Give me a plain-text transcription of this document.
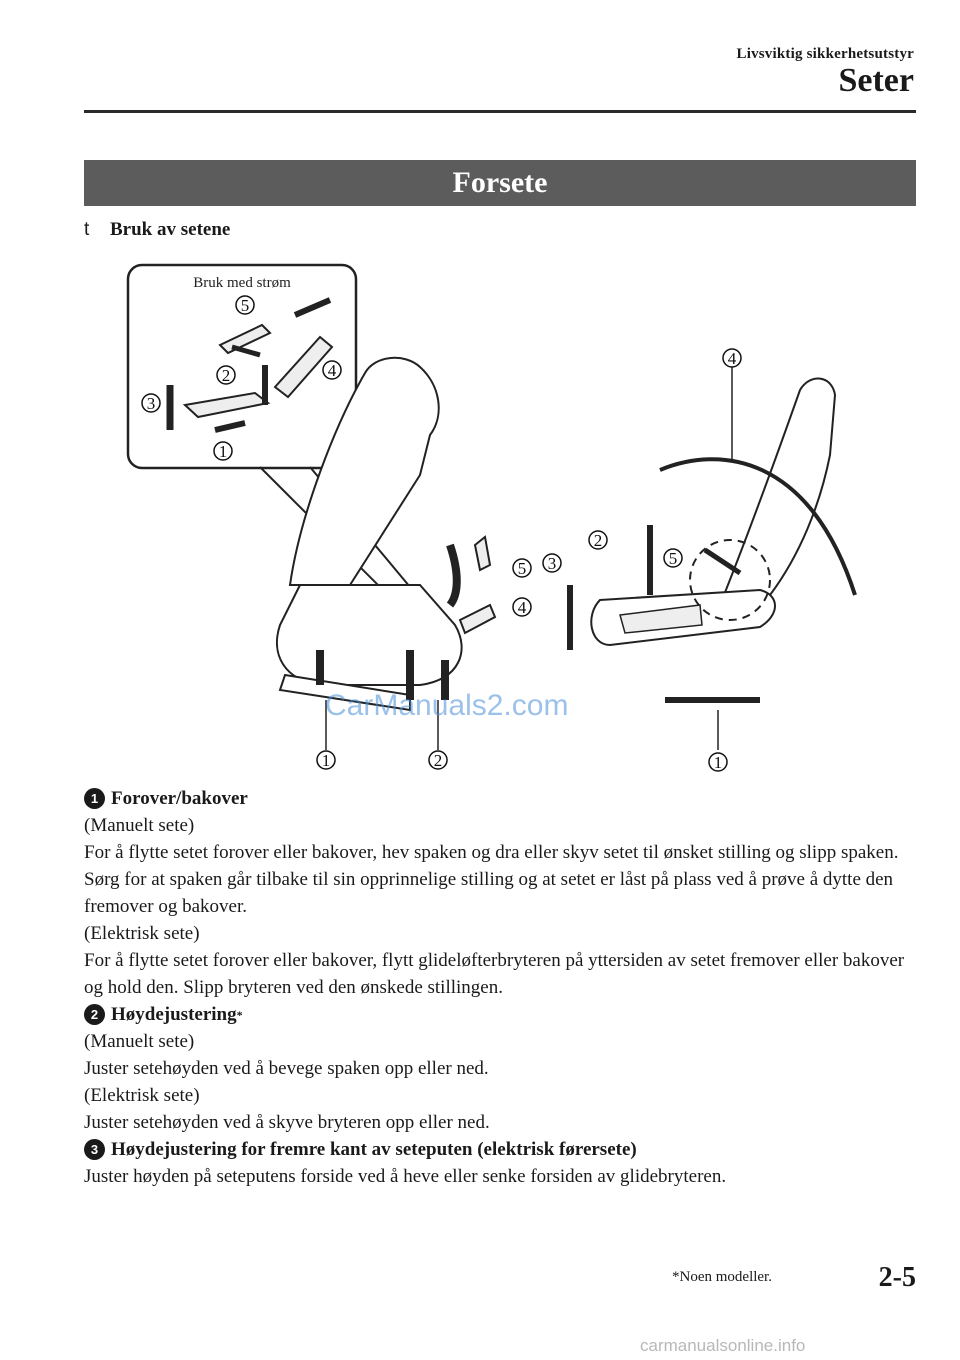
Livsviktig sikkerhetsutstyr
Seter
Forsete
t	Bruk av setene
Bruk med strøm
3
1
2	4
5
5
4
1	2
4
2
3	5
1
CarManuals2.com
1 Forover/bakover

(Manuelt sete)

For å flytte setet forover eller bakover, hev spaken og dra eller skyv setet til ønsket stilling og slipp spaken.

Sørg for at spaken går tilbake til sin opprinnelige stilling og at setet er låst på plass ved å prøve å dytte den fremover og bakover.

(Elektrisk sete)

For å flytte setet forover eller bakover, flytt glideløfterbryteren på yttersiden av setet fremover eller bakover og hold den. Slipp bryteren ved den ønskede stillingen.

2 Høydejustering *

(Manuelt sete)

Juster setehøyden ved å bevege spaken opp eller ned.

(Elektrisk sete)

Juster setehøyden ved å skyve bryteren opp eller ned.

3 Høydejustering for fremre kant av seteputen (elektrisk førersete)

Juster høyden på seteputens forside ved å heve eller senke forsiden av glidebryteren.

*Noen modeller.	2-5
carmanualsonline.info
